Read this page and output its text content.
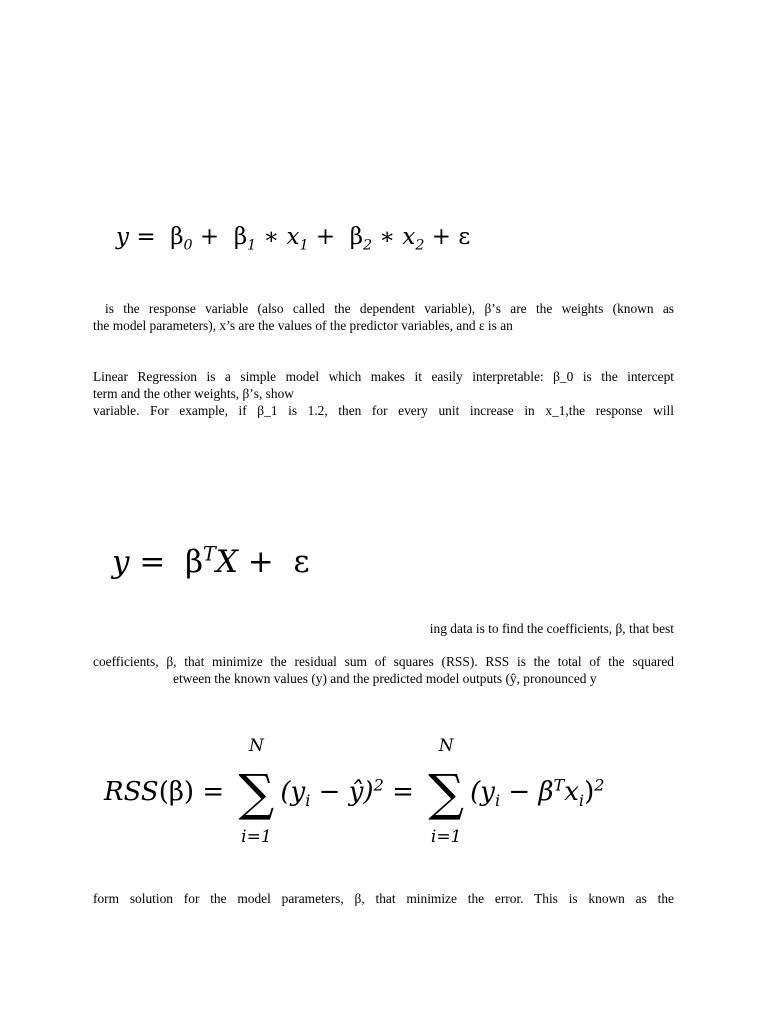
$y = \beta_0 + \beta_1$ ∗ $x_1 + \beta_2$ ∗ $x_2 + \varepsilon$
is the response variable (also called the dependent variable), β’s are the weights (known as
the model parameters), x’s are the values of the predictor variables, and ε is an
Linear Regression is a simple model which makes it easily interpretable: β_0 is the intercept
term and the other weights, β’s, show
variable. For example, if β_1 is 1.2, then for every unit increase in x_1,the response will
$y = \beta^TX + \varepsilon$
ing data is to find the coefficients, β, that best
coefficients, β, that minimize the residual sum of squares (RSS). RSS is the total of the squared
etween the known values (y) and the predicted model outputs (ŷ, pronounced y
RSS(β) =
N
∑
i=1
($y_i$ − ŷ)$^2$ =
N
∑
i=1
$(y_i - \beta^Tx_i)^2$
form solution for the model parameters, β, that minimize the error. This is known as the
